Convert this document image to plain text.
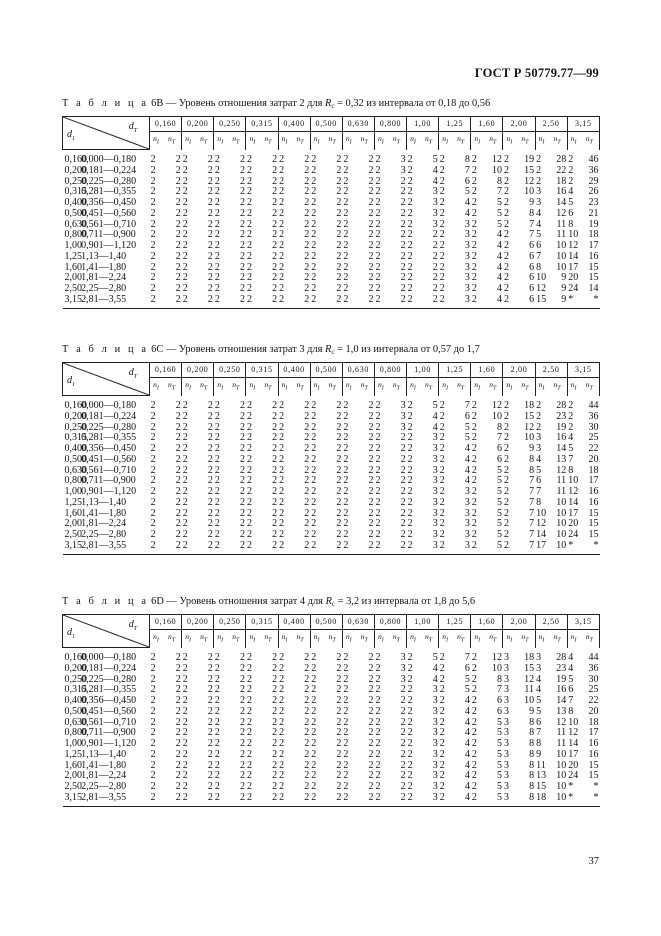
ГОСТ Р 50779.77—99
Т а б л и ц а 6В — Уровень отношения затрат 2 для $R_c = 0,32$ из интервала от 0,18 до 0,56
$d_T$
$d_1$		0,160		0,200		0,250		0,315		0,400		0,500		0,630		0,800		1,00		1,25		1,60		2,00		2,50		3,15	
		$n_I$	$n_T$	$n_I$	$n_T$	$n_I$	$n_T$	$n_I$	$n_T$	$n_I$	$n_T$	$n_I$	$n_T$	$n_I$	$n_T$	$n_I$	$n_T$	$n_I$	$n_T$	$n_I$	$n_T$	$n_I$	$n_T$	$n_I$	$n_T$	$n_I$	$n_T$	$n_I$	$n_T$
0,160	0,000—0,180	2	2	2	2	2	2	2	2	2	2	2	2	2	2	2	3	2	5	2	8	2	12	2	19	2	28	2	46
0,200	0,181—0,224	2	2	2	2	2	2	2	2	2	2	2	2	2	2	2	3	2	4	2	7	2	10	2	15	2	22	2	36
0,250	0,225—0,280	2	2	2	2	2	2	2	2	2	2	2	2	2	2	2	2	2	4	2	6	2	8	2	12	2	18	2	29
0,315	0,281—0,355	2	2	2	2	2	2	2	2	2	2	2	2	2	2	2	2	2	3	2	5	2	7	2	10	3	16	4	26
0,400	0,356—0,450	2	2	2	2	2	2	2	2	2	2	2	2	2	2	2	2	2	3	2	4	2	5	2	9	3	14	5	23
0,500	0,451—0,560	2	2	2	2	2	2	2	2	2	2	2	2	2	2	2	2	2	3	2	4	2	5	2	8	4	12	6	21
0,630	0,561—0,710	2	2	2	2	2	2	2	2	2	2	2	2	2	2	2	2	2	3	2	3	2	5	2	7	4	11	8	19
0,800	0,711—0,900	2	2	2	2	2	2	2	2	2	2	2	2	2	2	2	2	2	2	2	3	2	4	2	7	5	11	10	18
1,00	0,901—1,120	2	2	2	2	2	2	2	2	2	2	2	2	2	2	2	2	2	2	2	3	2	4	2	6	6	10	12	17
1,25	1,13—1,40	2	2	2	2	2	2	2	2	2	2	2	2	2	2	2	2	2	2	2	3	2	4	2	6	7	10	14	16
1,60	1,41—1,80	2	2	2	2	2	2	2	2	2	2	2	2	2	2	2	2	2	2	2	3	2	4	2	6	8	10	17	15
2,00	1,81—2,24	2	2	2	2	2	2	2	2	2	2	2	2	2	2	2	2	2	2	2	3	2	4	2	6	10	9	20	15
2,50	2,25—2,80	2	2	2	2	2	2	2	2	2	2	2	2	2	2	2	2	2	2	2	3	2	4	2	6	12	9	24	14
3,15	2,81—3,55	2	2	2	2	2	2	2	2	2	2	2	2	2	2	2	2	2	2	2	3	2	4	2	6	15	9	*	*
Т а б л и ц а 6С — Уровень отношения затрат 3 для $R_c = 1,0$ из интервала от 0,57 до 1,7
$d_T$
$d_1$		0,160		0,200		0,250		0,315		0,400		0,500		0,630		0,800		1,00		1,25		1,60		2,00		2,50		3,15	
		$n_I$	$n_T$	$n_I$	$n_T$	$n_I$	$n_T$	$n_I$	$n_T$	$n_I$	$n_T$	$n_I$	$n_T$	$n_I$	$n_T$	$n_I$	$n_T$	$n_I$	$n_T$	$n_I$	$n_T$	$n_I$	$n_T$	$n_I$	$n_T$	$n_I$	$n_T$	$n_I$	$n_T$
0,160	0,000—0,180	2	2	2	2	2	2	2	2	2	2	2	2	2	2	2	3	2	5	2	7	2	12	2	18	2	28	2	44
0,200	0,181—0,224	2	2	2	2	2	2	2	2	2	2	2	2	2	2	2	3	2	4	2	6	2	10	2	15	2	23	2	36
0,250	0,225—0,280	2	2	2	2	2	2	2	2	2	2	2	2	2	2	2	3	2	4	2	5	2	8	2	12	2	19	2	30
0,315	0,281—0,355	2	2	2	2	2	2	2	2	2	2	2	2	2	2	2	2	2	3	2	5	2	7	2	10	3	16	4	25
0,400	0,356—0,450	2	2	2	2	2	2	2	2	2	2	2	2	2	2	2	2	2	3	2	4	2	6	2	9	3	14	5	22
0,500	0,451—0,560	2	2	2	2	2	2	2	2	2	2	2	2	2	2	2	2	2	3	2	4	2	6	2	8	4	13	7	20
0,630	0,561—0,710	2	2	2	2	2	2	2	2	2	2	2	2	2	2	2	2	2	3	2	4	2	5	2	8	5	12	8	18
0,800	0,711—0,900	2	2	2	2	2	2	2	2	2	2	2	2	2	2	2	2	2	3	2	4	2	5	2	7	6	11	10	17
1,00	0,901—1,120	2	2	2	2	2	2	2	2	2	2	2	2	2	2	2	2	2	3	2	3	2	5	2	7	7	11	12	16
1,25	1,13—1,40	2	2	2	2	2	2	2	2	2	2	2	2	2	2	2	2	2	3	2	3	2	5	2	7	8	10	14	16
1,60	1,41—1,80	2	2	2	2	2	2	2	2	2	2	2	2	2	2	2	2	2	3	2	3	2	5	2	7	10	10	17	15
2,00	1,81—2,24	2	2	2	2	2	2	2	2	2	2	2	2	2	2	2	2	2	3	2	3	2	5	2	7	12	10	20	15
2,50	2,25—2,80	2	2	2	2	2	2	2	2	2	2	2	2	2	2	2	2	2	3	2	3	2	5	2	7	14	10	24	15
3,15	2,81—3,55	2	2	2	2	2	2	2	2	2	2	2	2	2	2	2	2	2	3	2	3	2	5	2	7	17	10	*	*
Т а б л и ц а 6D — Уровень отношения затрат 4 для $R_c = 3,2$ из интервала от 1,8 до 5,6
$d_T$
$d_1$		0,160		0,200		0,250		0,315		0,400		0,500		0,630		0,800		1,00		1,25		1,60		2,00		2,50		3,15	
		$n_I$	$n_T$	$n_I$	$n_T$	$n_I$	$n_T$	$n_I$	$n_T$	$n_I$	$n_T$	$n_I$	$n_T$	$n_I$	$n_T$	$n_I$	$n_T$	$n_I$	$n_T$	$n_I$	$n_T$	$n_I$	$n_T$	$n_I$	$n_T$	$n_I$	$n_T$	$n_I$	$n_T$
0,160	0,000—0,180	2	2	2	2	2	2	2	2	2	2	2	2	2	2	2	3	2	5	2	7	2	12	3	18	3	28	4	44
0,200	0,181—0,224	2	2	2	2	2	2	2	2	2	2	2	2	2	2	2	3	2	4	2	6	2	10	3	15	3	23	4	36
0,250	0,225—0,280	2	2	2	2	2	2	2	2	2	2	2	2	2	2	2	3	2	4	2	5	2	8	3	12	4	19	5	30
0,315	0,281—0,355	2	2	2	2	2	2	2	2	2	2	2	2	2	2	2	2	2	3	2	5	2	7	3	11	4	16	6	25
0,400	0,356—0,450	2	2	2	2	2	2	2	2	2	2	2	2	2	2	2	2	2	3	2	4	2	6	3	10	5	14	7	22
0,500	0,451—0,560	2	2	2	2	2	2	2	2	2	2	2	2	2	2	2	2	2	3	2	4	2	6	3	9	5	13	8	20
0,630	0,561—0,710	2	2	2	2	2	2	2	2	2	2	2	2	2	2	2	2	2	3	2	4	2	5	3	8	6	12	10	18
0,800	0,711—0,900	2	2	2	2	2	2	2	2	2	2	2	2	2	2	2	2	2	3	2	4	2	5	3	8	7	11	12	17
1,00	0,901—1,120	2	2	2	2	2	2	2	2	2	2	2	2	2	2	2	2	2	3	2	4	2	5	3	8	8	11	14	16
1,25	1,13—1,40	2	2	2	2	2	2	2	2	2	2	2	2	2	2	2	2	2	3	2	4	2	5	3	8	9	10	17	16
1,60	1,41—1,80	2	2	2	2	2	2	2	2	2	2	2	2	2	2	2	2	2	3	2	4	2	5	3	8	11	10	20	15
2,00	1,81—2,24	2	2	2	2	2	2	2	2	2	2	2	2	2	2	2	2	2	3	2	4	2	5	3	8	13	10	24	15
2,50	2,25—2,80	2	2	2	2	2	2	2	2	2	2	2	2	2	2	2	2	2	3	2	4	2	5	3	8	15	10	*	*
3,15	2,81—3,55	2	2	2	2	2	2	2	2	2	2	2	2	2	2	2	2	2	3	2	4	2	5	3	8	18	10	*	*
37
